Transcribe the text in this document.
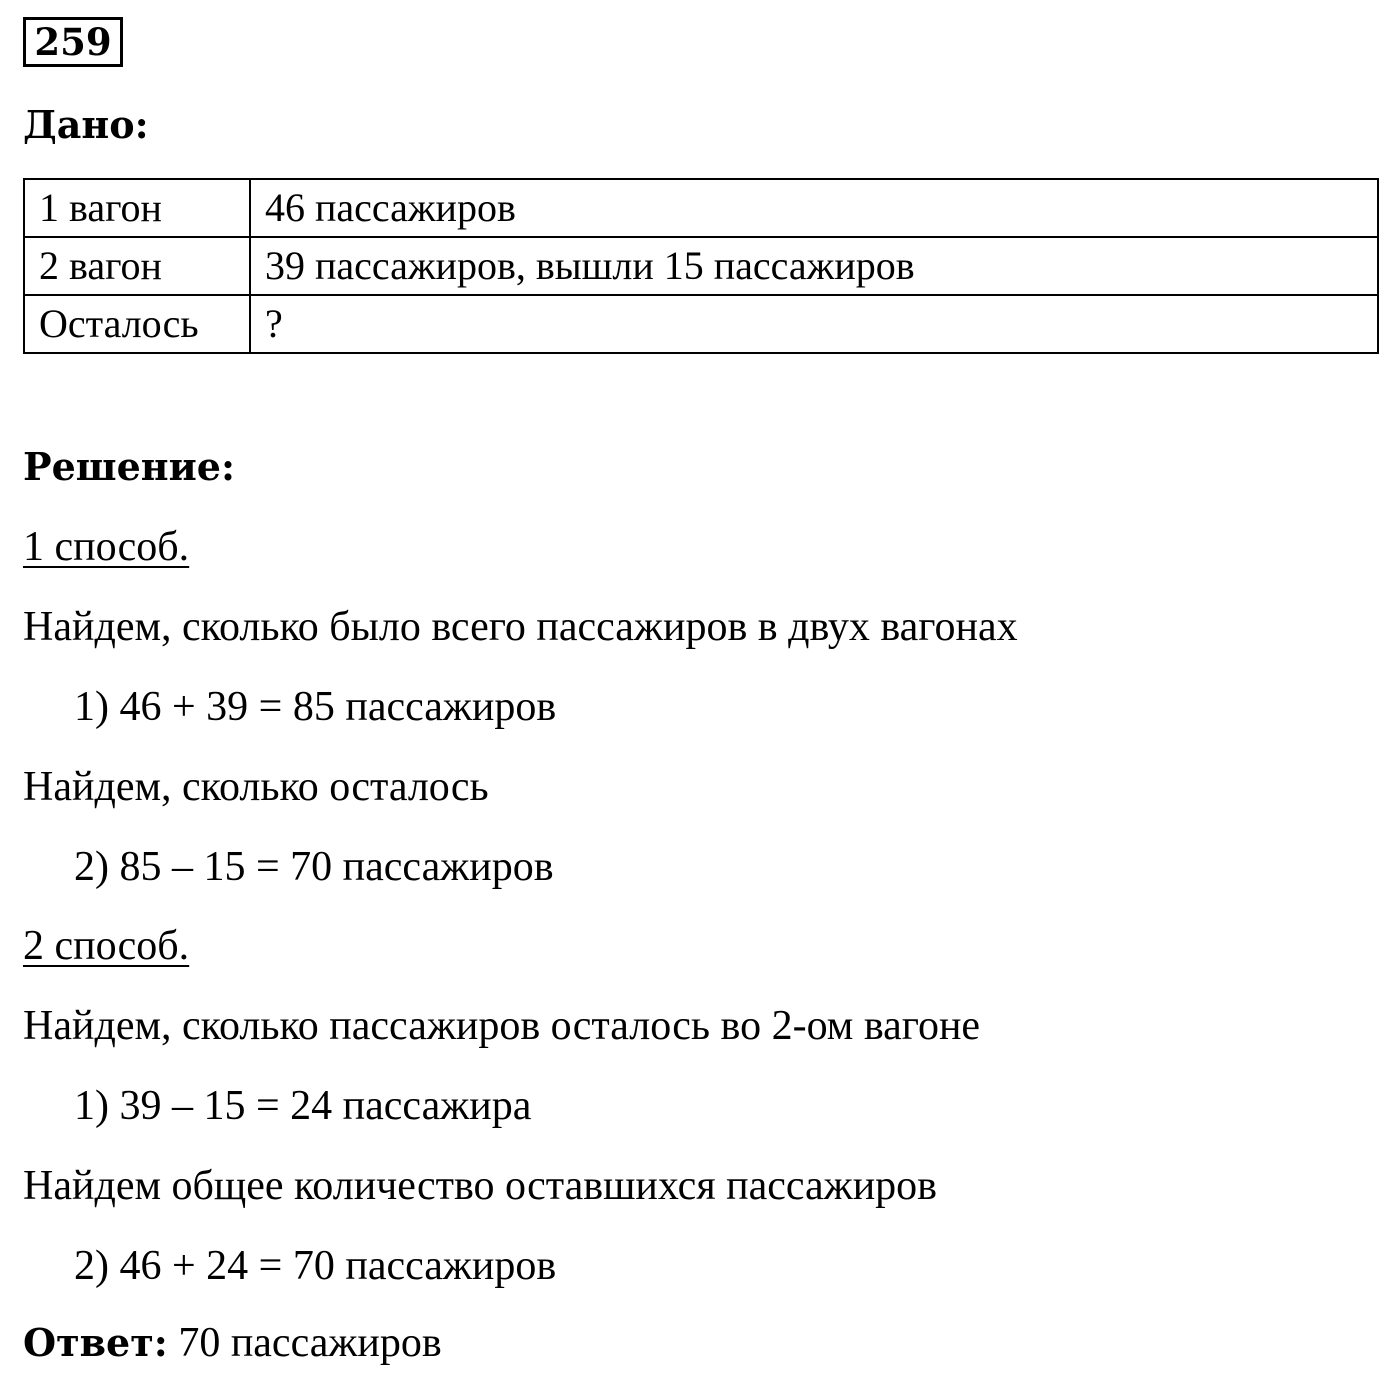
259
Дано:
1 вагон	46 пассажиров
2 вагон	39 пассажиров, вышли 15 пассажиров
Осталось	?
Решение:
1 способ.
Найдем, сколько было всего пассажиров в двух вагонах
1) 46 + 39 = 85 пассажиров
Найдем, сколько осталось
2) 85 – 15 = 70 пассажиров
2 способ.
Найдем, сколько пассажиров осталось во 2-ом вагоне
1) 39 – 15 = 24 пассажира
Найдем общее количество оставшихся пассажиров
2) 46 + 24 = 70 пассажиров
Ответ: 70 пассажиров
